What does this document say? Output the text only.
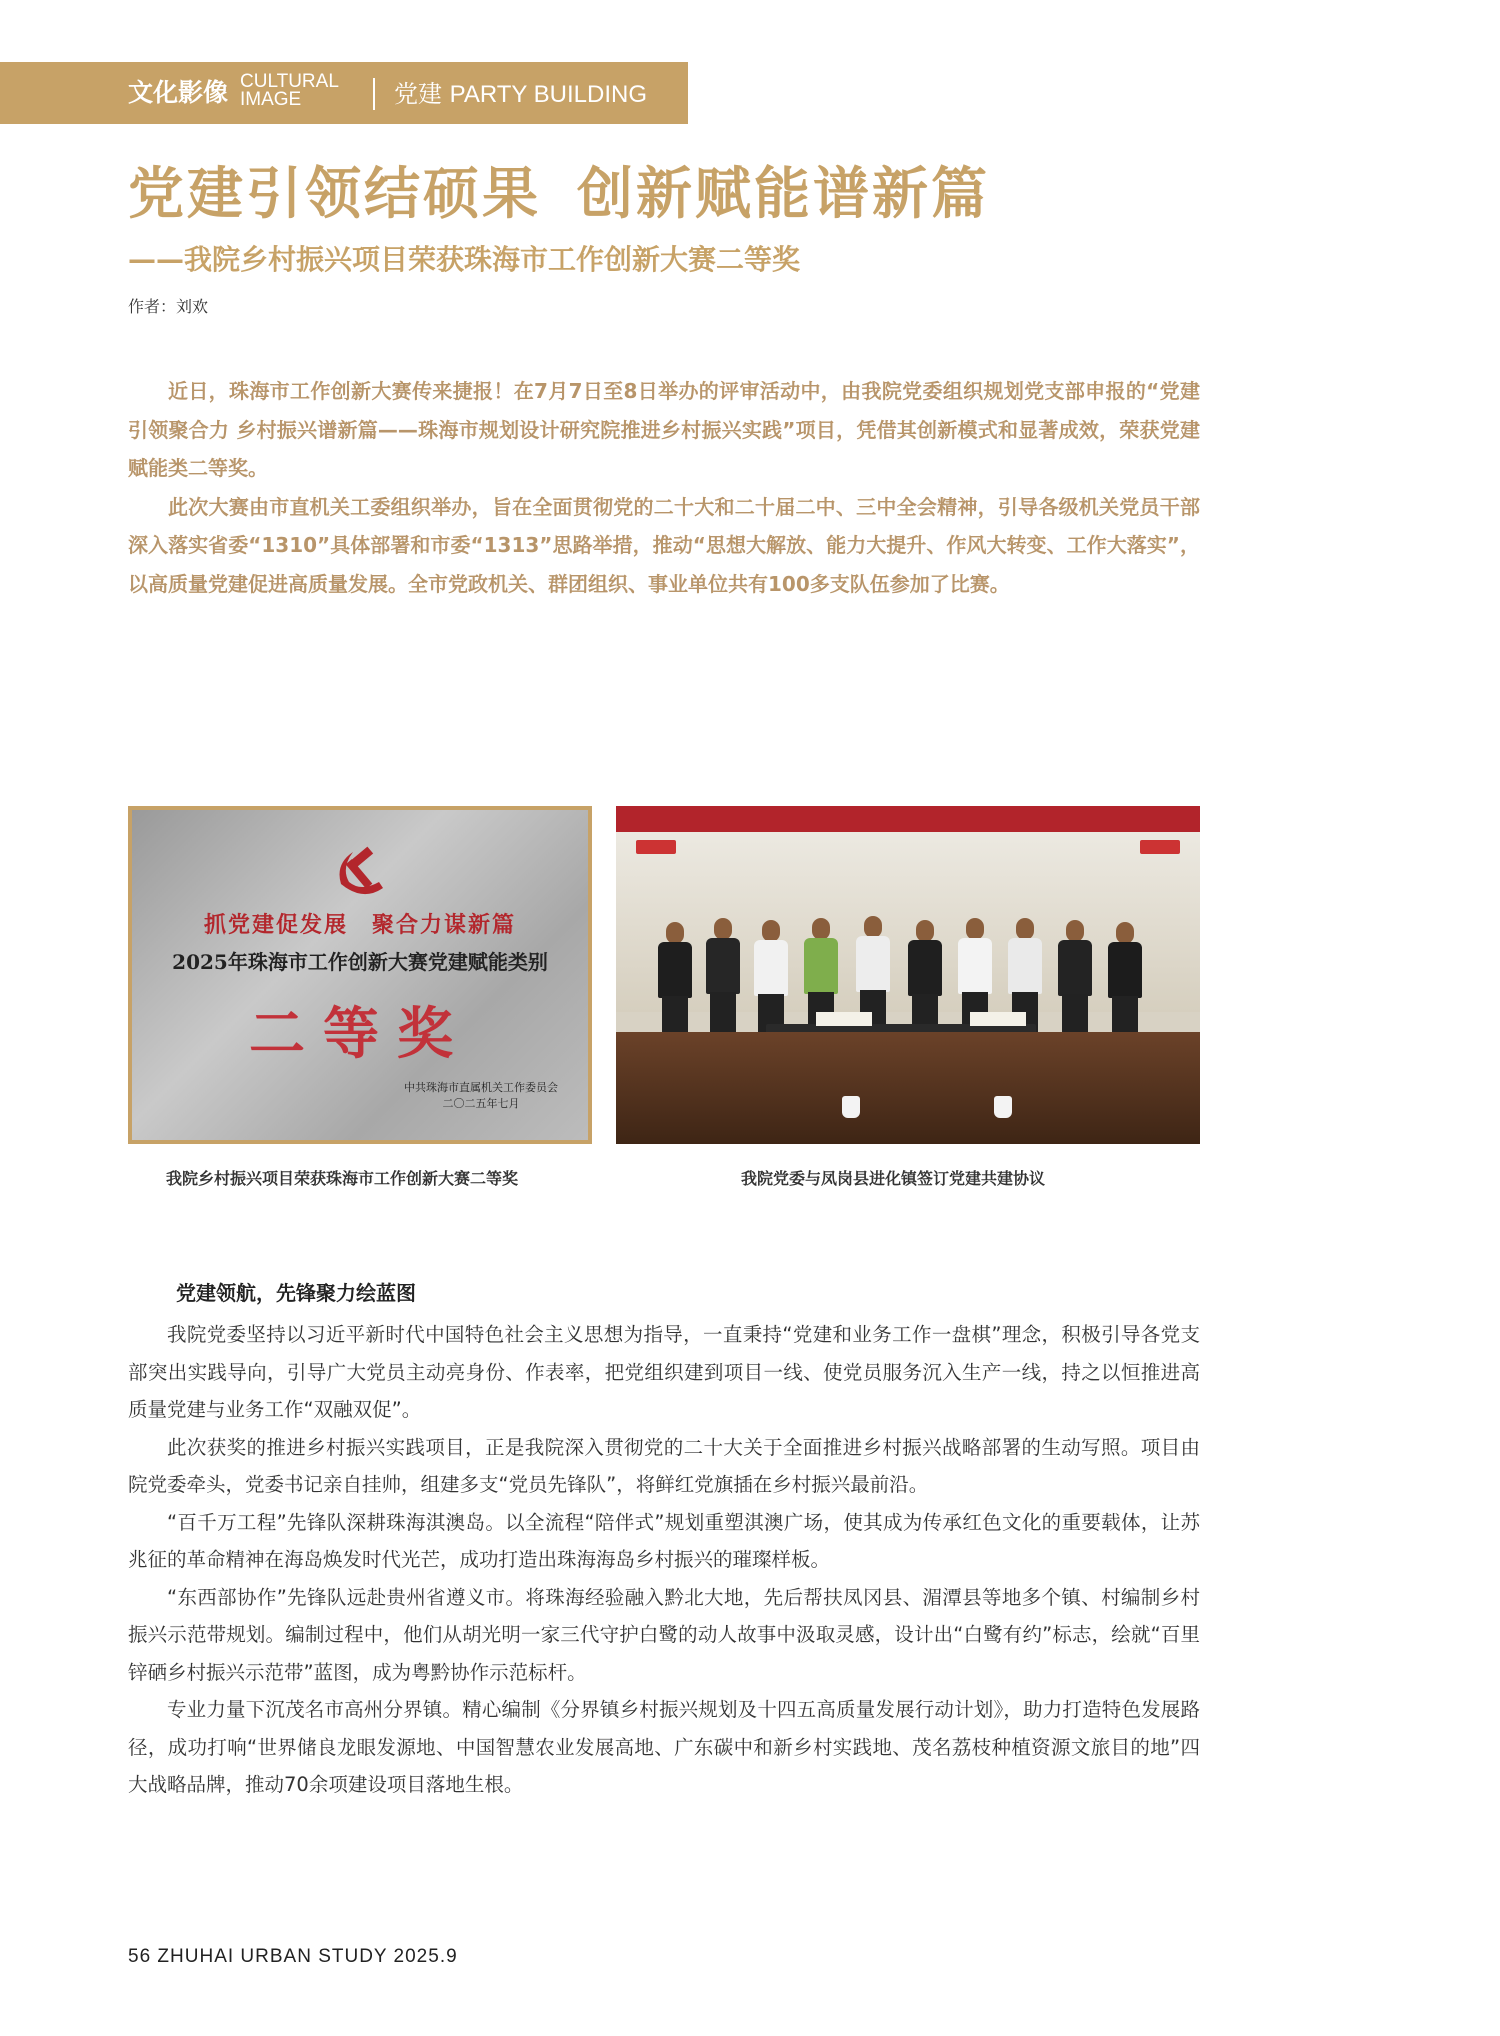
文化影像 CULTURAL
IMAGE	党建 PARTY BUILDING
党建引领结硕果 创新赋能谱新篇
——我院乡村振兴项目荣获珠海市工作创新大赛二等奖
作者：刘欢

近日，珠海市工作创新大赛传来捷报！在7月7日至8日举办的评审活动中，由我院党委组织规划党支部申报的“党建引领聚合力 乡村振兴谱新篇——珠海市规划设计研究院推进乡村振兴实践”项目，凭借其创新模式和显著成效，荣获党建赋能类二等奖。

此次大赛由市直机关工委组织举办，旨在全面贯彻党的二十大和二十届二中、三中全会精神，引导各级机关党员干部深入落实省委“1310”具体部署和市委“1313”思路举措，推动“思想大解放、能力大提升、作风大转变、工作大落实”，以高质量党建促进高质量发展。全市党政机关、群团组织、事业单位共有100多支队伍参加了比赛。

抓党建促发展　聚合力谋新篇
2025年珠海市工作创新大赛党建赋能类别
二等奖
中共珠海市直属机关工作委员会
二〇二五年七月
我院乡村振兴项目荣获珠海市工作创新大赛二等奖	我院党委与凤岗县进化镇签订党建共建协议
党建领航，先锋聚力绘蓝图

我院党委坚持以习近平新时代中国特色社会主义思想为指导，一直秉持“党建和业务工作一盘棋”理念，积极引导各党支部突出实践导向，引导广大党员主动亮身份、作表率，把党组织建到项目一线、使党员服务沉入生产一线，持之以恒推进高质量党建与业务工作“双融双促”。

此次获奖的推进乡村振兴实践项目，正是我院深入贯彻党的二十大关于全面推进乡村振兴战略部署的生动写照。项目由院党委牵头，党委书记亲自挂帅，组建多支“党员先锋队”，将鲜红党旗插在乡村振兴最前沿。

“百千万工程”先锋队深耕珠海淇澳岛。以全流程“陪伴式”规划重塑淇澳广场，使其成为传承红色文化的重要载体，让苏兆征的革命精神在海岛焕发时代光芒，成功打造出珠海海岛乡村振兴的璀璨样板。

“东西部协作”先锋队远赴贵州省遵义市。将珠海经验融入黔北大地，先后帮扶凤冈县、湄潭县等地多个镇、村编制乡村振兴示范带规划。编制过程中，他们从胡光明一家三代守护白鹭的动人故事中汲取灵感，设计出“白鹭有约”标志，绘就“百里锌硒乡村振兴示范带”蓝图，成为粤黔协作示范标杆。

专业力量下沉茂名市高州分界镇。精心编制《分界镇乡村振兴规划及十四五高质量发展行动计划》，助力打造特色发展路径，成功打响“世界储良龙眼发源地、中国智慧农业发展高地、广东碳中和新乡村实践地、茂名荔枝种植资源文旅目的地”四大战略品牌，推动70余项建设项目落地生根。

56 ZHUHAI URBAN STUDY 2025.9
